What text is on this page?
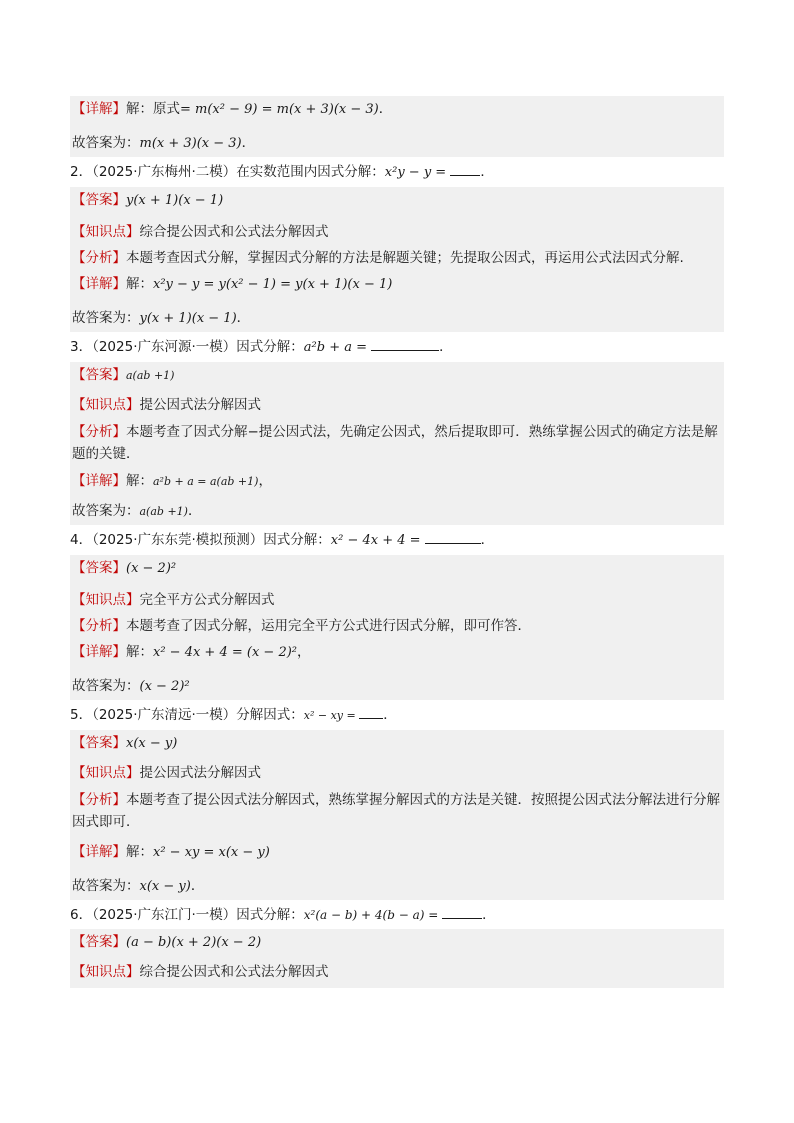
【详解】解：原式= m(x² − 9) = m(x + 3)(x − 3)．
故答案为：m(x + 3)(x − 3)．
2．（2025·广东梅州·二模）在实数范围内因式分解：x²y − y = ．
【答案】y(x + 1)(x − 1)
【知识点】综合提公因式和公式法分解因式
【分析】本题考查因式分解，掌握因式分解的方法是解题关键；先提取公因式，再运用公式法因式分解.
【详解】解：x²y − y = y(x² − 1) = y(x + 1)(x − 1)
故答案为：y(x + 1)(x − 1)．
3．（2025·广东河源·一模）因式分解：a²b + a =	．
【答案】a(ab +1)
【知识点】提公因式法分解因式
【分析】本题考查了因式分解−提公因式法，先确定公因式，然后提取即可．熟练掌握公因式的确定方法是解题的关键．
【详解】解：a²b + a = a(ab +1)，
故答案为：a(ab +1)．
4．（2025·广东东莞·模拟预测）因式分解：x² − 4x + 4 =	．
【答案】(x − 2)²
【知识点】完全平方公式分解因式
【分析】本题考查了因式分解，运用完全平方公式进行因式分解，即可作答．
【详解】解：x² − 4x + 4 = (x − 2)²，
故答案为：(x − 2)²
5．（2025·广东清远·一模）分解因式：x² − xy = ．
【答案】x(x − y)
【知识点】提公因式法分解因式
【分析】本题考查了提公因式法分解因式，熟练掌握分解因式的方法是关键．按照提公因式法分解法进行分解因式即可．
【详解】解：x² − xy = x(x − y)
故答案为：x(x − y)．
6．（2025·广东江门·一模）因式分解：x²(a − b) + 4(b − a) =	．
【答案】(a − b)(x + 2)(x − 2)
【知识点】综合提公因式和公式法分解因式
